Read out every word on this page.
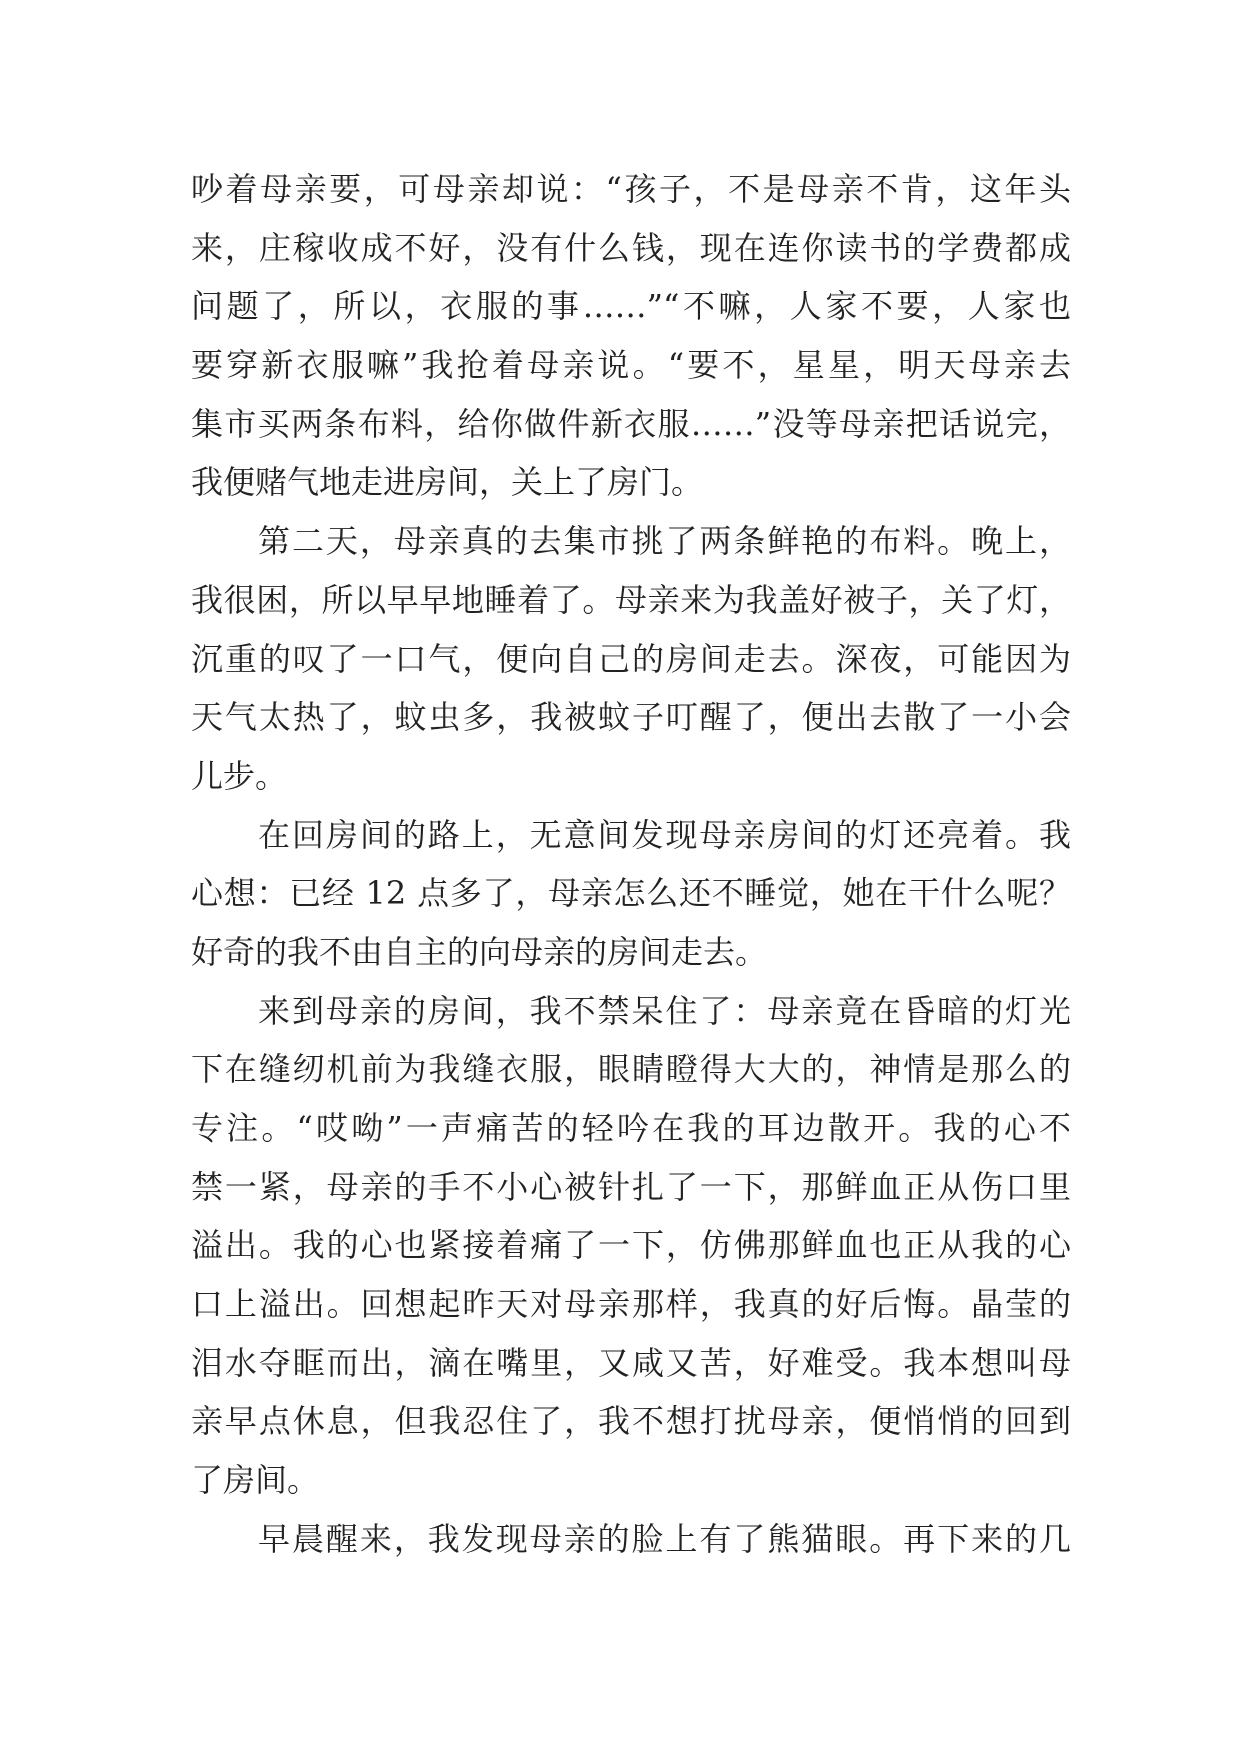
吵着母亲要，可母亲却说：“孩子，不是母亲不肯，这年头
来，庄稼收成不好，没有什么钱，现在连你读书的学费都成
问题了，所以，衣服的事……”“不嘛，人家不要，人家也
要穿新衣服嘛”我抢着母亲说。“要不，星星，明天母亲去
集市买两条布料，给你做件新衣服……”没等母亲把话说完，
我便赌气地走进房间，关上了房门。
第二天，母亲真的去集市挑了两条鲜艳的布料。晚上，
我很困，所以早早地睡着了。母亲来为我盖好被子，关了灯，
沉重的叹了一口气，便向自己的房间走去。深夜，可能因为
天气太热了，蚊虫多，我被蚊子叮醒了，便出去散了一小会
儿步。
在回房间的路上，无意间发现母亲房间的灯还亮着。我
心想：已经 12 点多了，母亲怎么还不睡觉，她在干什么呢？
好奇的我不由自主的向母亲的房间走去。
来到母亲的房间，我不禁呆住了：母亲竟在昏暗的灯光
下在缝纫机前为我缝衣服，眼睛瞪得大大的，神情是那么的
专注。“哎呦”一声痛苦的轻吟在我的耳边散开。我的心不
禁一紧，母亲的手不小心被针扎了一下，那鲜血正从伤口里
溢出。我的心也紧接着痛了一下，仿佛那鲜血也正从我的心
口上溢出。回想起昨天对母亲那样，我真的好后悔。晶莹的
泪水夺眶而出，滴在嘴里，又咸又苦，好难受。我本想叫母
亲早点休息，但我忍住了，我不想打扰母亲，便悄悄的回到
了房间。
早晨醒来，我发现母亲的脸上有了熊猫眼。再下来的几
